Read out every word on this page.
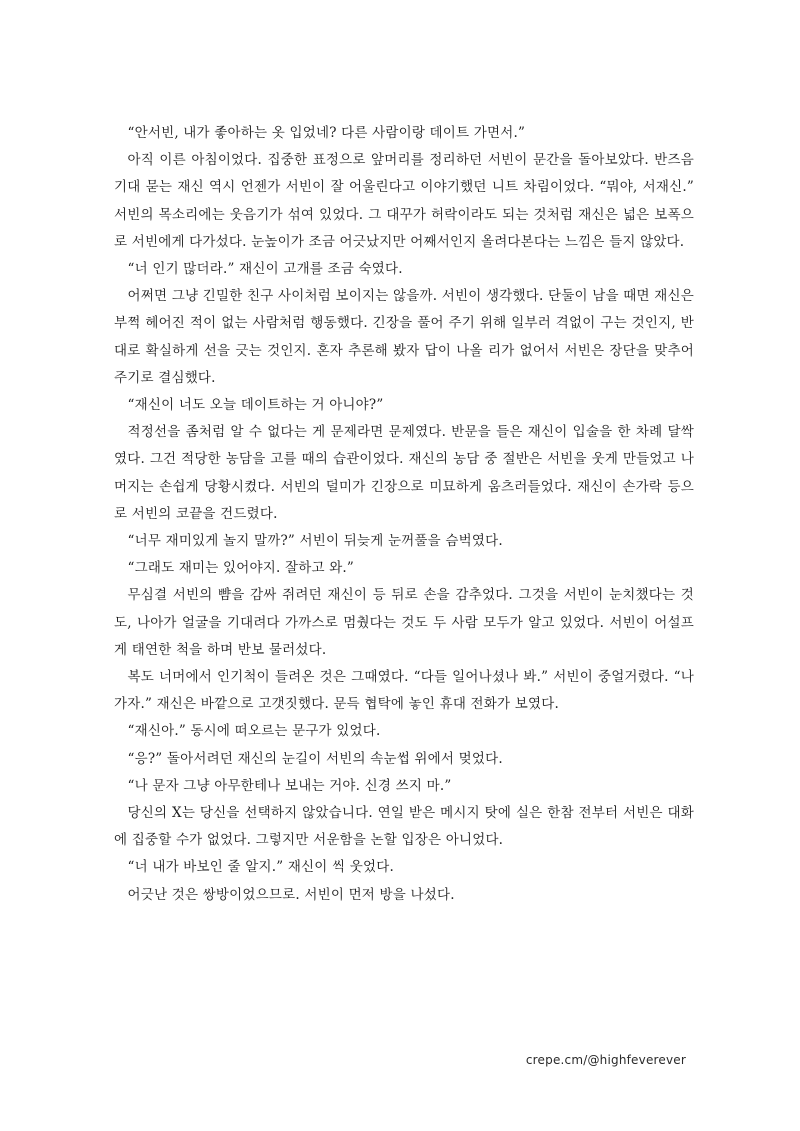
“안서빈, 내가 좋아하는 옷 입었네? 다른 사람이랑 데이트 가면서.”

아직 이른 아침이었다. 집중한 표정으로 앞머리를 정리하던 서빈이 문간을 돌아보았다. 반즈음 기대 묻는 재신 역시 언젠가 서빈이 잘 어울린다고 이야기했던 니트 차림이었다. “뭐야, 서재신.” 서빈의 목소리에는 웃음기가 섞여 있었다. 그 대꾸가 허락이라도 되는 것처럼 재신은 넓은 보폭으로 서빈에게 다가섰다. 눈높이가 조금 어긋났지만 어째서인지 올려다본다는 느낌은 들지 않았다.

“너 인기 많더라.” 재신이 고개를 조금 숙였다.

어쩌면 그냥 긴밀한 친구 사이처럼 보이지는 않을까. 서빈이 생각했다. 단둘이 남을 때면 재신은 부쩍 헤어진 적이 없는 사람처럼 행동했다. 긴장을 풀어 주기 위해 일부러 격없이 구는 것인지, 반대로 확실하게 선을 긋는 것인지. 혼자 추론해 봤자 답이 나올 리가 없어서 서빈은 장단을 맞추어 주기로 결심했다.

“재신이 너도 오늘 데이트하는 거 아니야?”

적정선을 좀처럼 알 수 없다는 게 문제라면 문제였다. 반문을 들은 재신이 입술을 한 차례 달싹였다. 그건 적당한 농담을 고를 때의 습관이었다. 재신의 농담 중 절반은 서빈을 웃게 만들었고 나머지는 손쉽게 당황시켰다. 서빈의 덜미가 긴장으로 미묘하게 움츠러들었다. 재신이 손가락 등으로 서빈의 코끝을 건드렸다.

“너무 재미있게 놀지 말까?” 서빈이 뒤늦게 눈꺼풀을 슴벅였다.

“그래도 재미는 있어야지. 잘하고 와.”

무심결 서빈의 뺨을 감싸 쥐려던 재신이 등 뒤로 손을 감추었다. 그것을 서빈이 눈치챘다는 것도, 나아가 얼굴을 기대려다 가까스로 멈췄다는 것도 두 사람 모두가 알고 있었다. 서빈이 어설프게 태연한 척을 하며 반보 물러섰다.

복도 너머에서 인기척이 들려온 것은 그때였다. “다들 일어나셨나 봐.” 서빈이 중얼거렸다. “나가자.” 재신은 바깥으로 고갯짓했다. 문득 협탁에 놓인 휴대 전화가 보였다.

“재신아.” 동시에 떠오르는 문구가 있었다.

“응?” 돌아서려던 재신의 눈길이 서빈의 속눈썹 위에서 멎었다.

“나 문자 그냥 아무한테나 보내는 거야. 신경 쓰지 마.”

당신의 X는 당신을 선택하지 않았습니다. 연일 받은 메시지 탓에 실은 한참 전부터 서빈은 대화에 집중할 수가 없었다. 그렇지만 서운함을 논할 입장은 아니었다.

“너 내가 바보인 줄 알지.” 재신이 씩 웃었다.

어긋난 것은 쌍방이었으므로. 서빈이 먼저 방을 나섰다.

crepe.cm/@highfeverever
